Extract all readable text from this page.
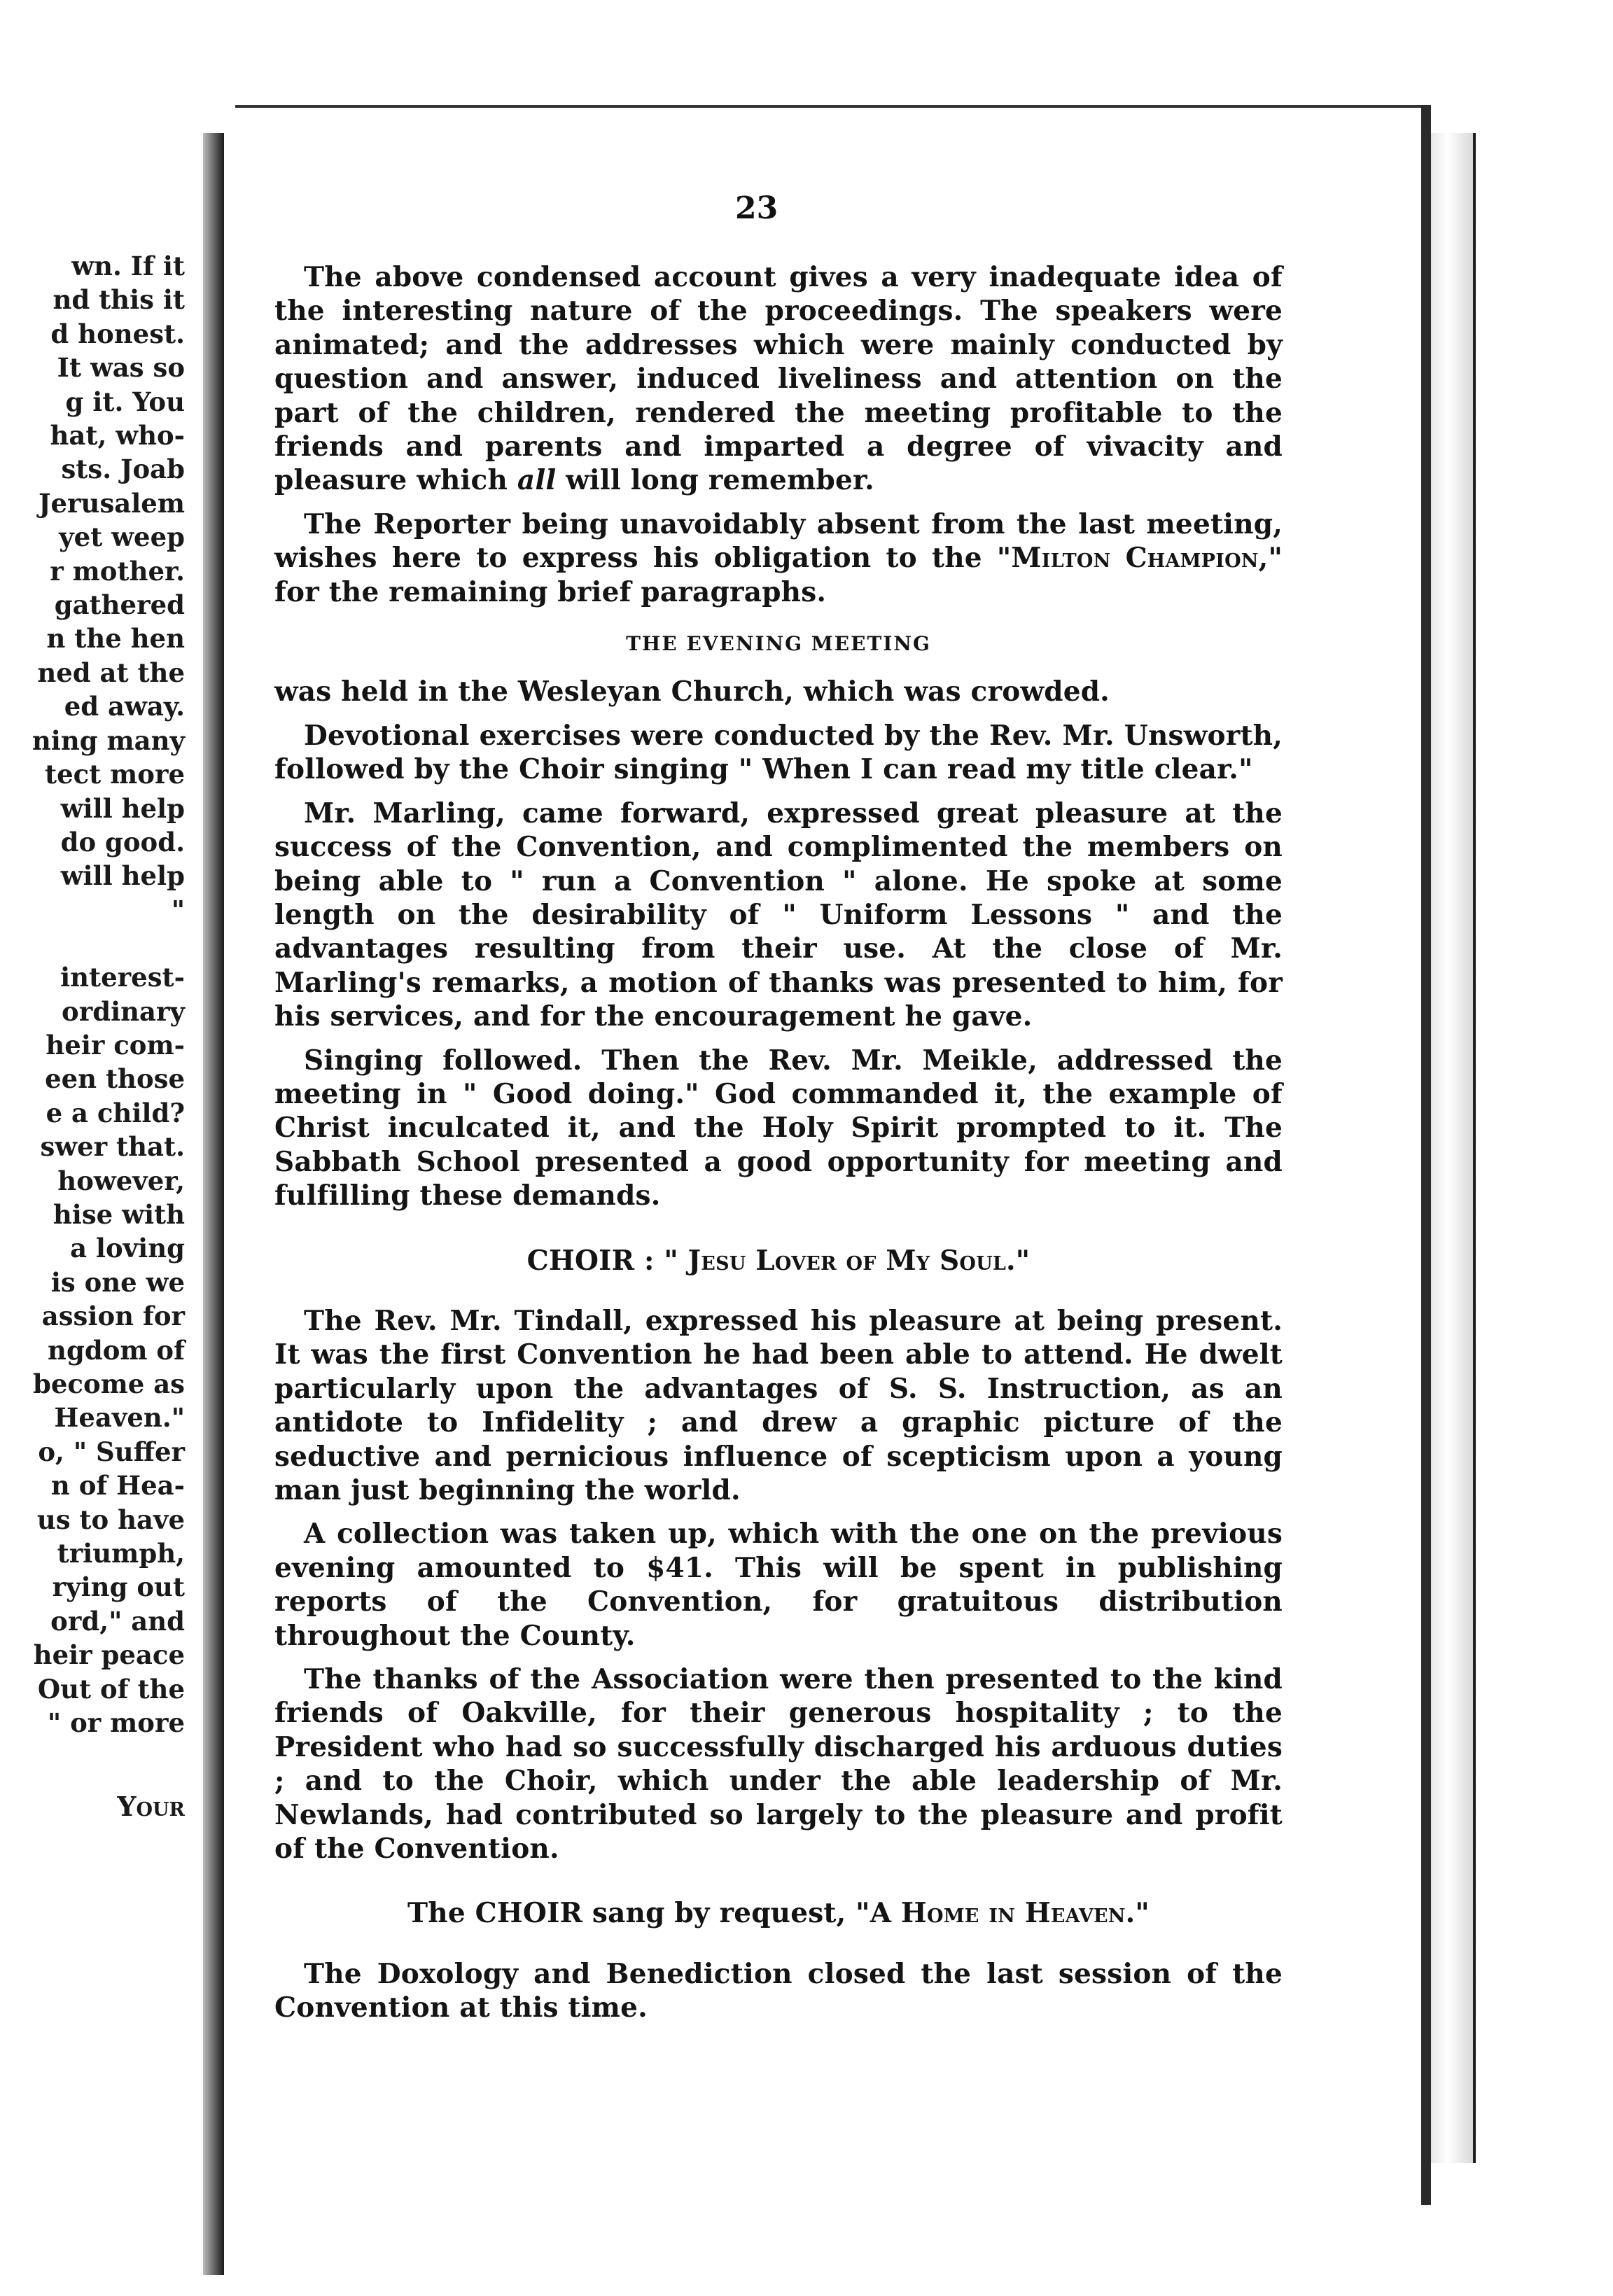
wn. If it
nd this it
d honest.
It was so
g it. You
hat, who-
sts. Joab
Jerusalem
yet weep
r mother.
gathered
n the hen
ned at the
ed away.
ning many
tect more
will help
do good.
will help
"
interest-
ordinary
heir com-
een those
e a child?
swer that.
however,
hise with
a loving
is one we
assion for
ngdom of
become as
Heaven."
o, " Suffer
n of Hea-
us to have
triumph,
rying out
ord," and
heir peace
Out of the
" or more
Your
23

The above condensed account gives a very inadequate idea of the interesting nature of the proceedings. The speakers were animated; and the addresses which were mainly conducted by question and answer, induced liveliness and attention on the part of the children, rendered the meeting profitable to the friends and parents and imparted a degree of vivacity and pleasure which all will long remember.

The Reporter being unavoidably absent from the last meeting, wishes here to express his obligation to the "Milton Champion," for the remaining brief paragraphs.

THE EVENING MEETING

was held in the Wesleyan Church, which was crowded.

Devotional exercises were conducted by the Rev. Mr. Unsworth, followed by the Choir singing " When I can read my title clear."

Mr. Marling, came forward, expressed great pleasure at the success of the Convention, and complimented the members on being able to " run a Convention " alone. He spoke at some length on the desirability of " Uniform Lessons " and the advantages resulting from their use. At the close of Mr. Marling's remarks, a motion of thanks was presented to him, for his services, and for the encouragement he gave.

Singing followed. Then the Rev. Mr. Meikle, addressed the meeting in " Good doing." God commanded it, the example of Christ inculcated it, and the Holy Spirit prompted to it. The Sabbath School presented a good opportunity for meeting and fulfilling these demands.

CHOIR : " Jesu Lover of My Soul."

The Rev. Mr. Tindall, expressed his pleasure at being present. It was the first Convention he had been able to attend. He dwelt particularly upon the advantages of S. S. Instruction, as an antidote to Infidelity ; and drew a graphic picture of the seductive and pernicious influence of scepticism upon a young man just beginning the world.

A collection was taken up, which with the one on the previous evening amounted to $41. This will be spent in publishing reports of the Convention, for gratuitous distribution throughout the County.

The thanks of the Association were then presented to the kind friends of Oakville, for their generous hospitality ; to the President who had so successfully discharged his arduous duties ; and to the Choir, which under the able leadership of Mr. Newlands, had contributed so largely to the pleasure and profit of the Convention.

The CHOIR sang by request, "A Home in Heaven."

The Doxology and Benediction closed the last session of the Convention at this time.
